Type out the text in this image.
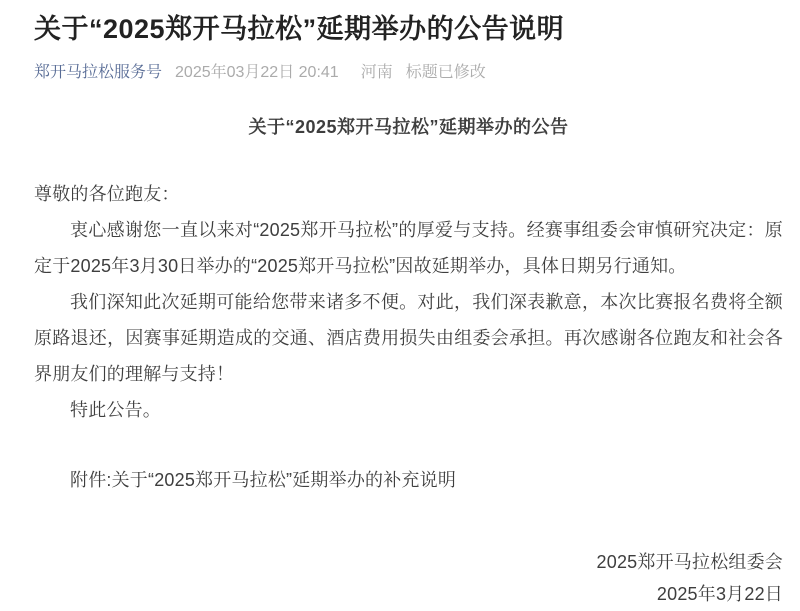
关于“2025郑开马拉松”延期举办的公告说明
郑开马拉松服务号 2025年03月22日 20:41 河南 标题已修改
关于“2025郑开马拉松”延期举办的公告

尊敬的各位跑友：

衷心感谢您一直以来对“2025郑开马拉松”的厚爱与支持。经赛事组委会审慎研究决定：原定于2025年3月30日举办的“2025郑开马拉松”因故延期举办，具体日期另行通知。

我们深知此次延期可能给您带来诸多不便。对此，我们深表歉意，本次比赛报名费将全额原路退还，因赛事延期造成的交通、酒店费用损失由组委会承担。再次感谢各位跑友和社会各界朋友们的理解与支持！

特此公告。

附件:关于“2025郑开马拉松”延期举办的补充说明

2025郑开马拉松组委会
2025年3月22日
